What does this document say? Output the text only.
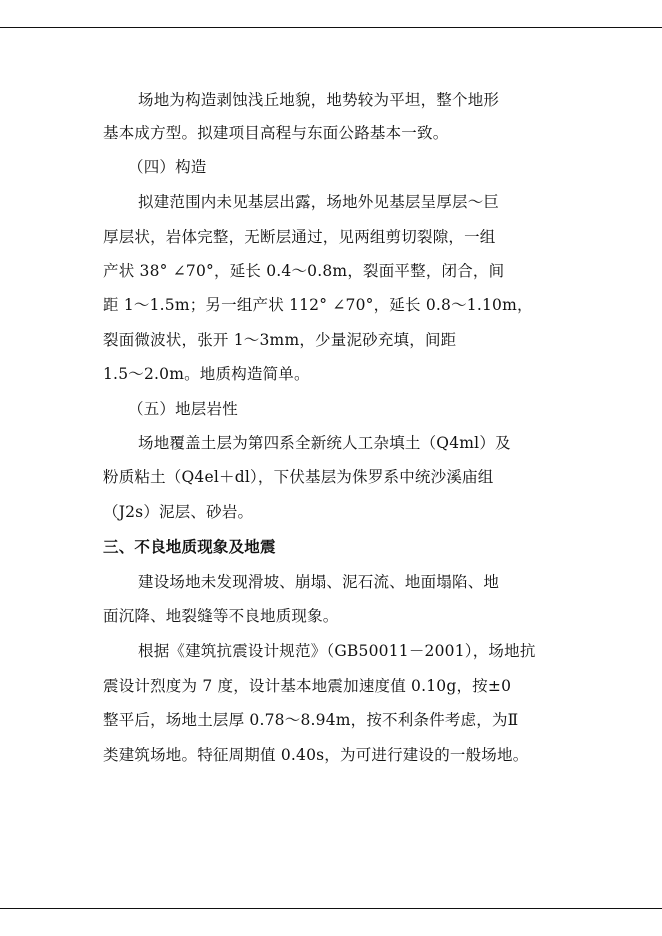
场地为构造剥蚀浅丘地貌，地势较为平坦，整个地形
基本成方型。拟建项目高程与东面公路基本一致。
（四）构造
拟建范围内未见基层出露，场地外见基层呈厚层～巨
厚层状，岩体完整，无断层通过，见两组剪切裂隙，一组
产状 38° ∠70°，延长 0.4～0.8m，裂面平整，闭合，间
距 1～1.5m；另一组产状 112° ∠70°，延长 0.8～1.10m，
裂面微波状，张开 1～3mm，少量泥砂充填，间距
1.5～2.0m。地质构造简单。
（五）地层岩性
场地覆盖土层为第四系全新统人工杂填土（Q4ml）及
粉质粘土（Q4el＋dl），下伏基层为侏罗系中统沙溪庙组
（J2s）泥层、砂岩。
三、不良地质现象及地震
建设场地未发现滑坡、崩塌、泥石流、地面塌陷、地
面沉降、地裂缝等不良地质现象。
根据《建筑抗震设计规范》（GB50011－2001），场地抗
震设计烈度为 7 度，设计基本地震加速度值 0.10g，按±0
整平后，场地土层厚 0.78～8.94m，按不利条件考虑，为Ⅱ
类建筑场地。特征周期值 0.40s，为可进行建设的一般场地。
